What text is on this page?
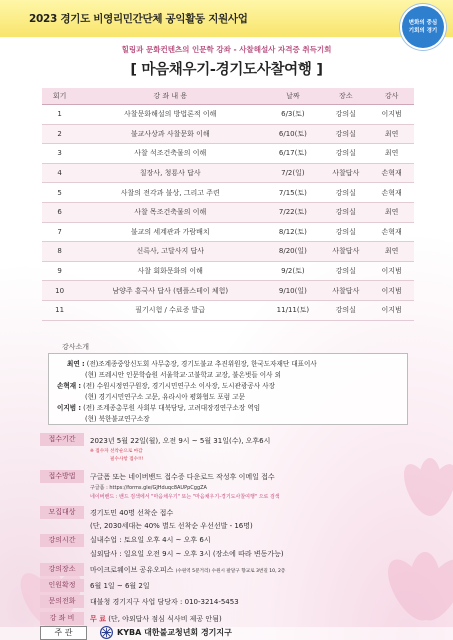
2023 경기도 비영리민간단체 공익활동 지원사업	변화의 중심
기회의 경기
힐링과 문화컨텐츠의 인문학 강좌 - 사찰해설사 자격증 취득기회
[ 마음채우기-경기도사찰여행 ]
회기	강 좌 내 용	날짜	장소	강사
1	사찰문화해설의 방법론적 이해	6/3(토)	강의실	이지범
2	불교사상과 사찰문화 이해	6/10(토)	강의실	최연
3	사찰 석조건축물의 이해	6/17(토)	강의실	최연
4	칠장사, 청룡사 답사	7/2(일)	사찰답사	손혁재
5	사찰의 전각과 불상, 그리고 주련	7/15(토)	강의실	손혁재
6	사찰 목조건축물의 이해	7/22(토)	강의실	최연
7	불교의 세계관과 가람배치	8/12(토)	강의실	손혁재
8	신륵사, 고달사지 답사	8/20(일)	사찰답사	최연
9	사찰 회화문화의 이해	9/2(토)	강의실	이지범
10	남양주 흥국사 답사 (템플스테이 체험)	9/10(일)	사찰답사	이지범
11	필기시험 / 수료증 발급	11/11(토)	강의실	이지범
강사소개
최연 : (전)조계종중앙신도회 사무총장, 경기도불교 추진위원장, 한국도자재단 대표이사
(현) 프레시안 인문학습원 서울학교·고불학교 교장, 불온벗들 이사 외
손혁재 : (전) 수원시정연구원장, 경기시민연구소 이사장, 도시관광공사 사장
(현) 경기시민연구소 고문, 유라시아 평화협도 포럼 고문
이지범 : (전) 조계종총무원 사회부 대북담당, 고려대장경연구소장 역임
(현) 북한불교연구소장
접수기간	2023년 5월 22일(월), 오전 9시 ~ 5월 31일(수), 오후6시
※ 접수자 선착순으로 마감
필수사항 접수!!!
접수방법	구글폼 또는 네이버밴드 접수증 다운로드 작성후 이메일 접수
구글폼 : https://forms.gle/GJHduqc8AUPpCggZA
네이버밴드 : 밴드 검색에서 "마음채우기" 또는 "마음채우기-경기도사찰여행" 으로 검색
모집대상	경기도민 40명 선착순 접수
(단, 2030세대는 40% 별도 선착순 우선선발 - 16명)
강의시간	실내수업 : 토요일 오후 4시 ~ 오후 6시
실외답사 : 일요일 오전 9시 ~ 오후 3시 (장소에 따라 변동가능)
강의장소	마이크로웨이브 공유오피스 (수원역 5분거리) 수원시 팔달구 향교로 3번길 10, 2층
인원확정	6월 1일 ~ 6월 2일
문의전화	대불청 경기지구 사업 담당자 : 010-3214-5453
강 좌 비	무 료 (단, 야외답사 점심 식사비 제공 안됨)
주 관	KYBA 대한불교청년회 경기지구
